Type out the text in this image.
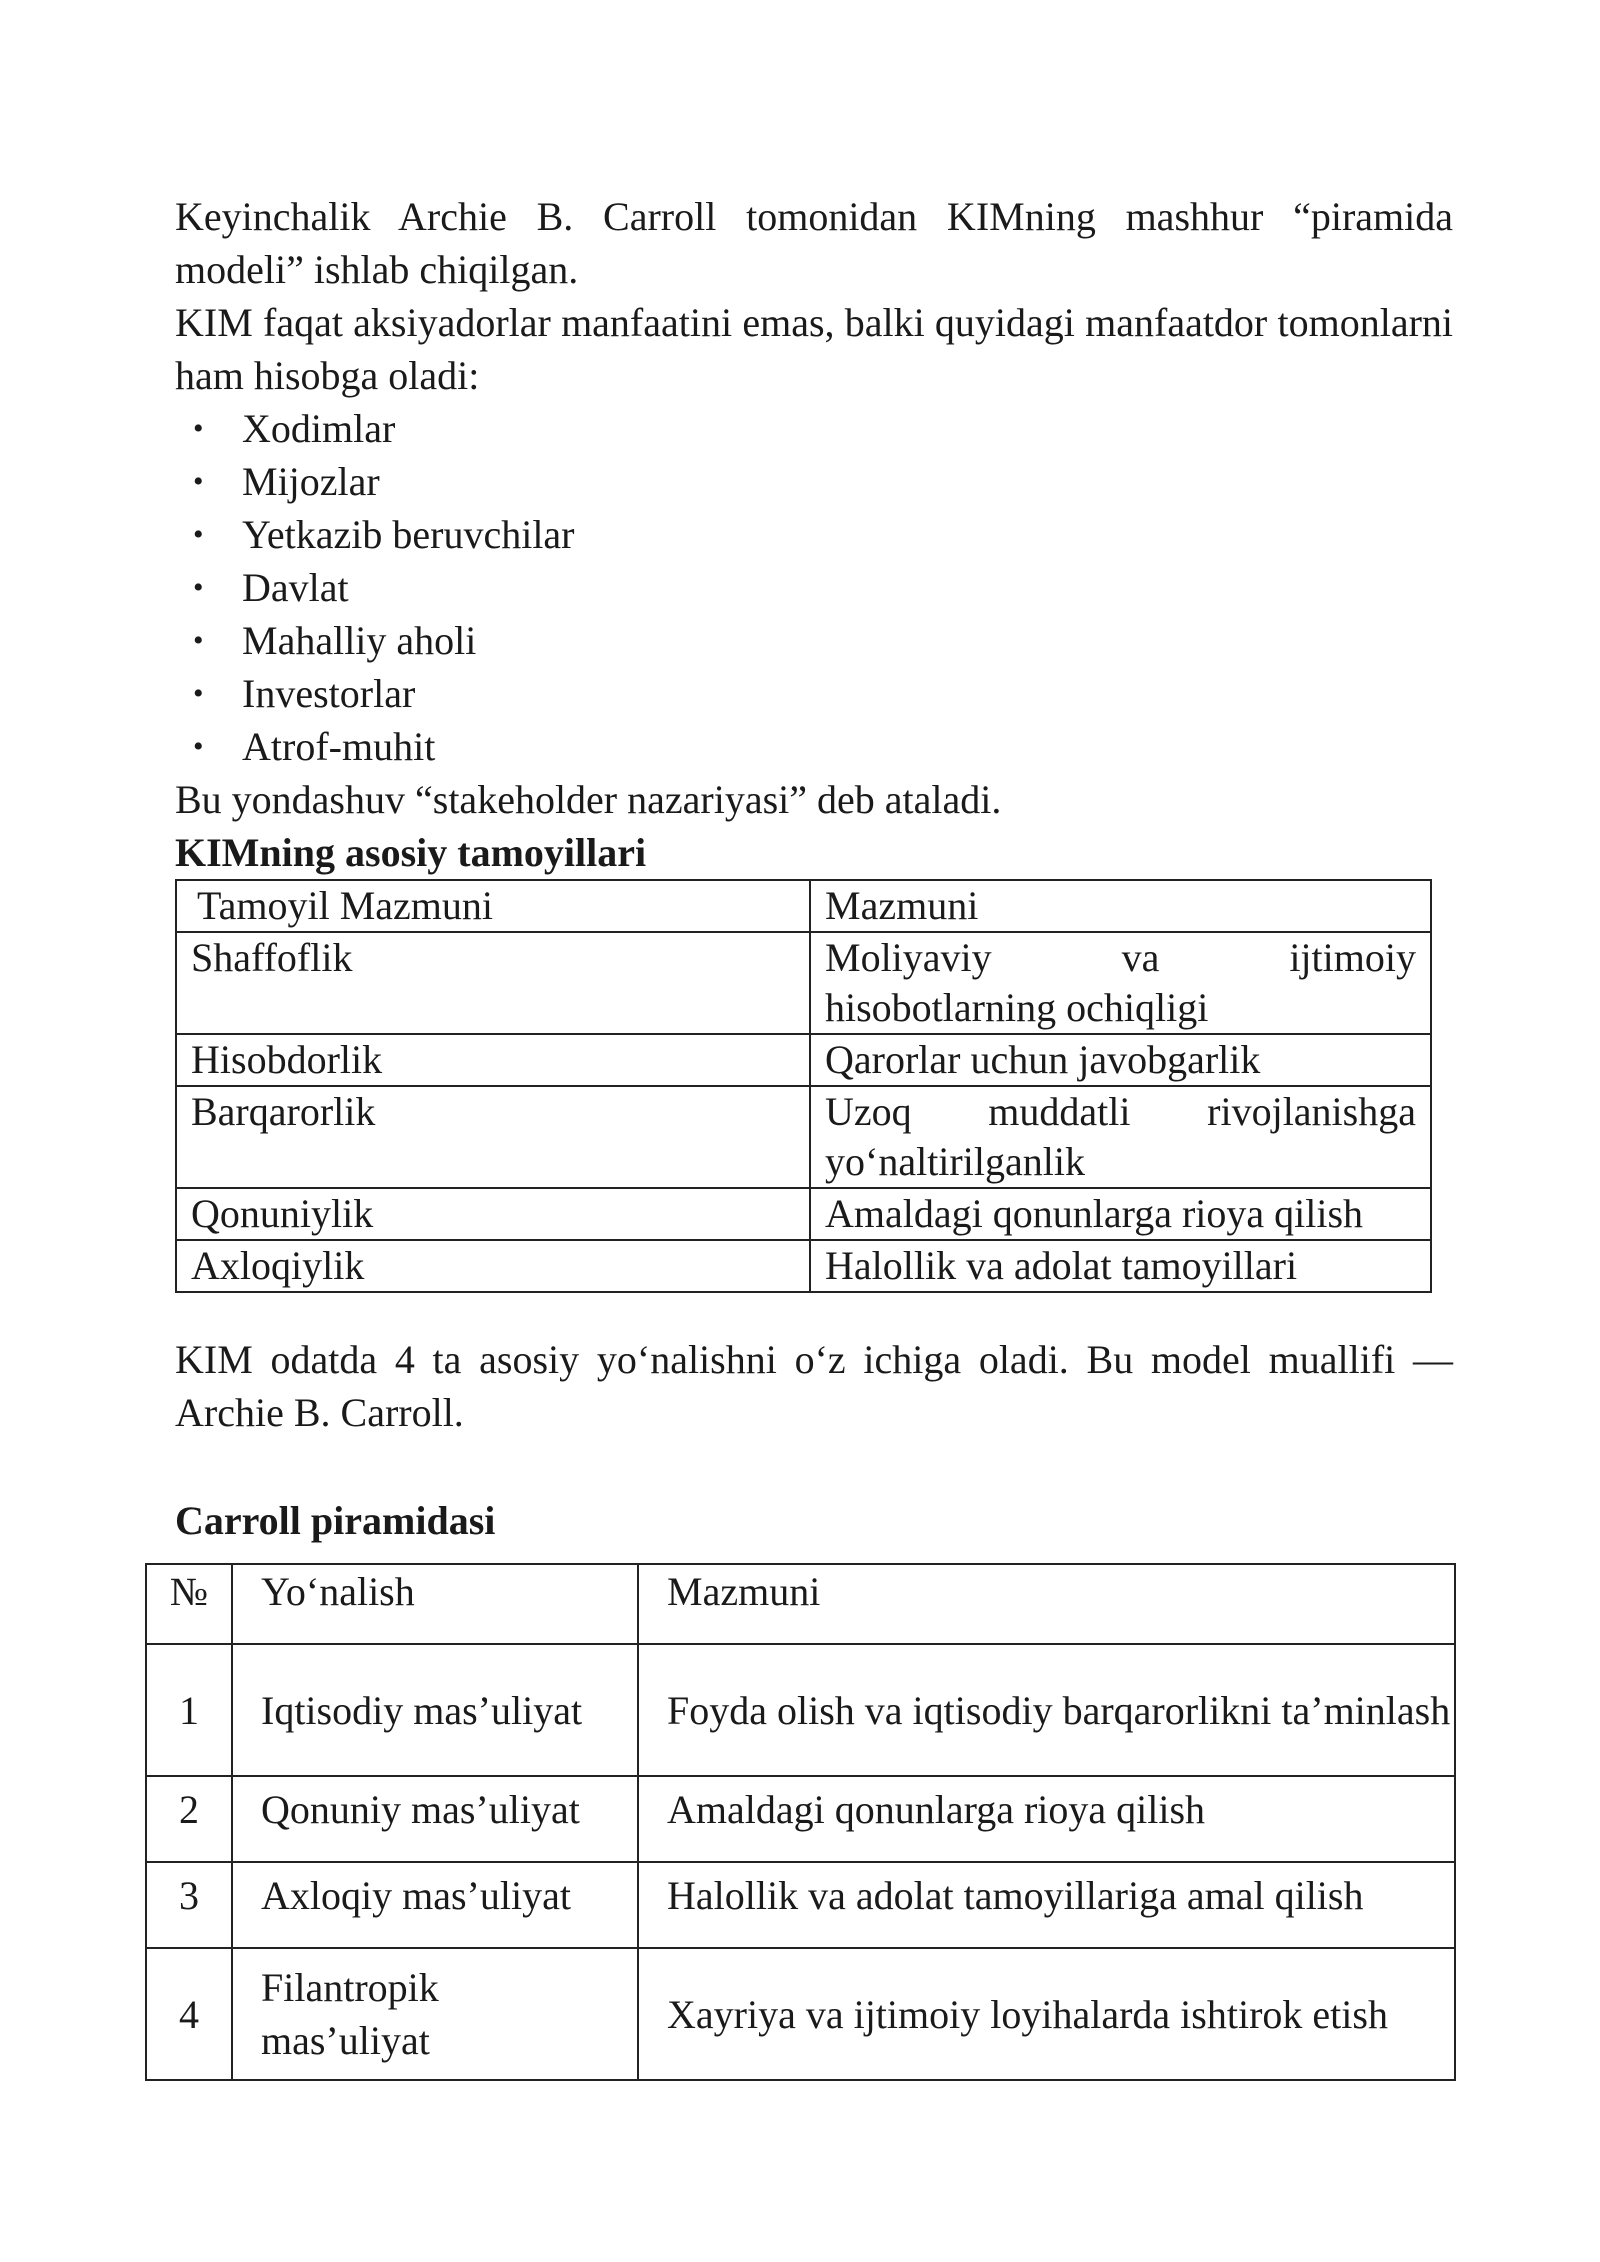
Keyinchalik Archie B. Carroll tomonidan KIMning mashhur “piramida modeli” ishlab chiqilgan.

KIM faqat aksiyadorlar manfaatini emas, balki quyidagi manfaatdor tomonlarni ham hisobga oladi:

• Xodimlar
• Mijozlar
• Yetkazib beruvchilar
• Davlat
• Mahalliy aholi
• Investorlar
• Atrof-muhit

Bu yondashuv “stakeholder nazariyasi” deb ataladi.

KIMning asosiy tamoyillari
Tamoyil Mazmuni	Mazmuni
Shaffoflik	Moliyaviy va ijtimoiy hisobotlarning ochiqligi
Hisobdorlik	Qarorlar uchun javobgarlik
Barqarorlik	Uzoq muddatli rivojlanishga yo‘naltirilganlik
Qonuniylik	Amaldagi qonunlarga rioya qilish
Axloqiylik	Halollik va adolat tamoyillari

KIM odatda 4 ta asosiy yo‘nalishni o‘z ichiga oladi. Bu model muallifi — Archie B. Carroll.

Carroll piramidasi
№	Yo‘nalish	Mazmuni
1	Iqtisodiy mas’uliyat	Foyda olish va iqtisodiy barqarorlikni ta’minlash
2	Qonuniy mas’uliyat	Amaldagi qonunlarga rioya qilish
3	Axloqiy mas’uliyat	Halollik va adolat tamoyillariga amal qilish
4	Filantropik mas’uliyat	Xayriya va ijtimoiy loyihalarda ishtirok etish
